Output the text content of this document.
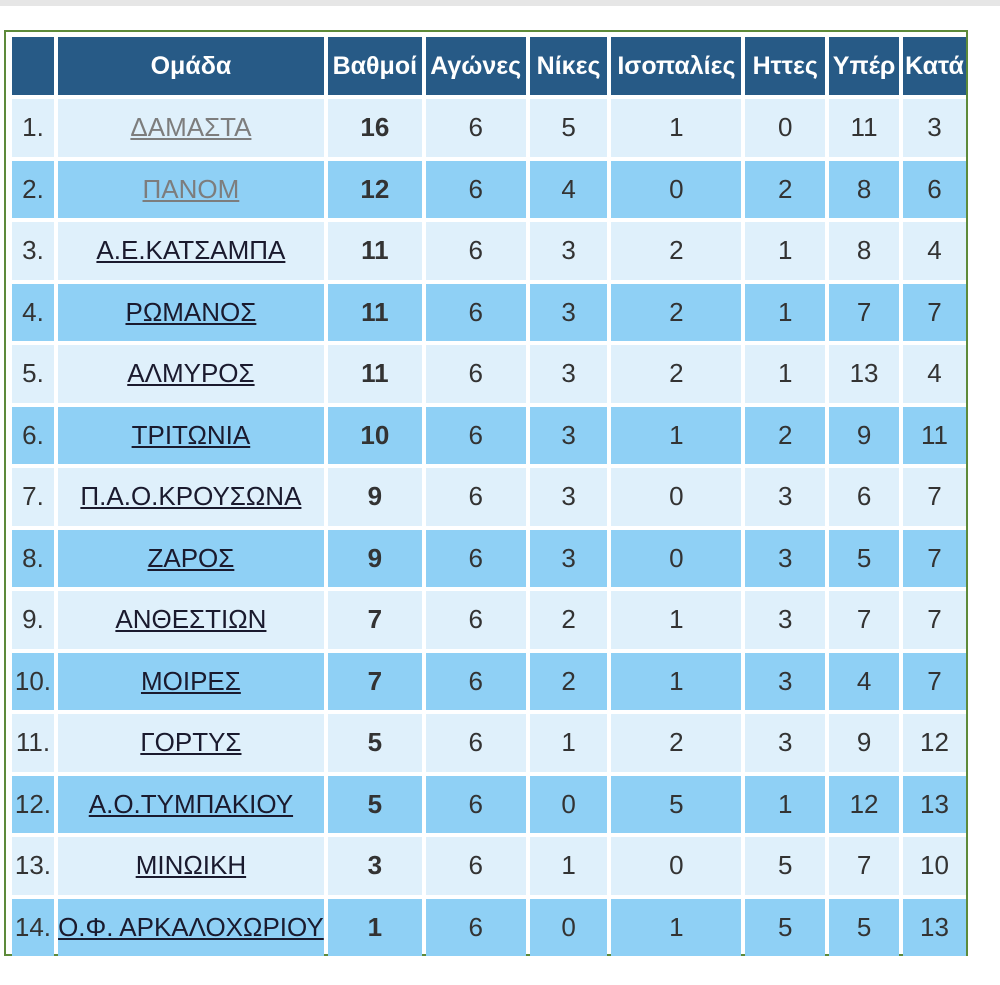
	Ομάδα	Βαθμοί	Αγώνες	Νίκες	Ισοπαλίες	Ηττες	Υπέρ	Κατά
1.	ΔΑΜΑΣΤΑ	16	6	5	1	0	11	3
2.	ΠΑΝΟΜ	12	6	4	0	2	8	6
3.	Α.Ε.ΚΑΤΣΑΜΠΑ	11	6	3	2	1	8	4
4.	ΡΩΜΑΝΟΣ	11	6	3	2	1	7	7
5.	ΑΛΜΥΡΟΣ	11	6	3	2	1	13	4
6.	ΤΡΙΤΩΝΙΑ	10	6	3	1	2	9	11
7.	Π.Α.Ο.ΚΡΟΥΣΩΝΑ	9	6	3	0	3	6	7
8.	ΖΑΡΟΣ	9	6	3	0	3	5	7
9.	ΑΝΘΕΣΤΙΩΝ	7	6	2	1	3	7	7
10.	ΜΟΙΡΕΣ	7	6	2	1	3	4	7
11.	ΓΟΡΤΥΣ	5	6	1	2	3	9	12
12.	Α.Ο.ΤΥΜΠΑΚΙΟΥ	5	6	0	5	1	12	13
13.	ΜΙΝΩΙΚΗ	3	6	1	0	5	7	10
14.	Ο.Φ. ΑΡΚΑΛΟΧΩΡΙΟΥ	1	6	0	1	5	5	13
